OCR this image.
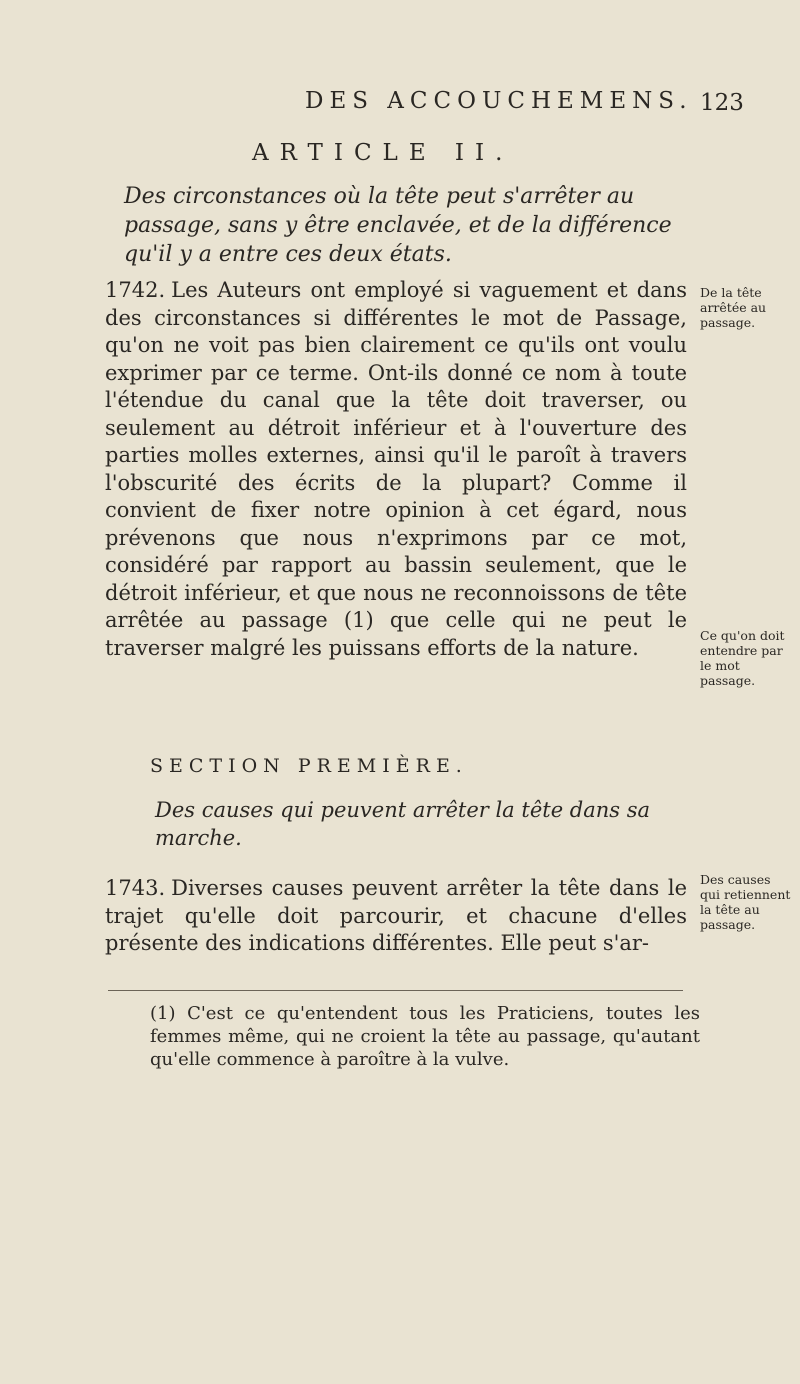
DES ACCOUCHEMENS. 123
ARTICLE II.
Des circonstances où la tête peut s'arrêter au passage, sans y être enclavée, et de la différence qu'il y a entre ces deux états.
1742. Les Auteurs ont employé si vaguement et dans des circonstances si différentes le mot de Passage, qu'on ne voit pas bien clairement ce qu'ils ont voulu exprimer par ce terme. Ont-ils donné ce nom à toute l'étendue du canal que la tête doit traverser, ou seulement au détroit inférieur et à l'ouverture des parties molles externes, ainsi qu'il le paroît à travers l'obscurité des écrits de la plupart? Comme il convient de fixer notre opinion à cet égard, nous prévenons que nous n'exprimons par ce mot, considéré par rapport au bassin seulement, que le détroit inférieur, et que nous ne reconnoissons de tête arrêtée au passage (1) que celle qui ne peut le traverser malgré les puissans efforts de la nature.
De la tête arrêtée au passage.
Ce qu'on doit entendre par le mot passage.
SECTION PREMIÈRE.
Des causes qui peuvent arrêter la tête dans sa marche.
1743. Diverses causes peuvent arrêter la tête dans le trajet qu'elle doit parcourir, et chacune d'elles présente des indications différentes. Elle peut s'ar-
Des causes qui retiennent la tête au passage.
(1) C'est ce qu'entendent tous les Praticiens, toutes les femmes même, qui ne croient la tête au passage, qu'autant qu'elle commence à paroître à la vulve.
